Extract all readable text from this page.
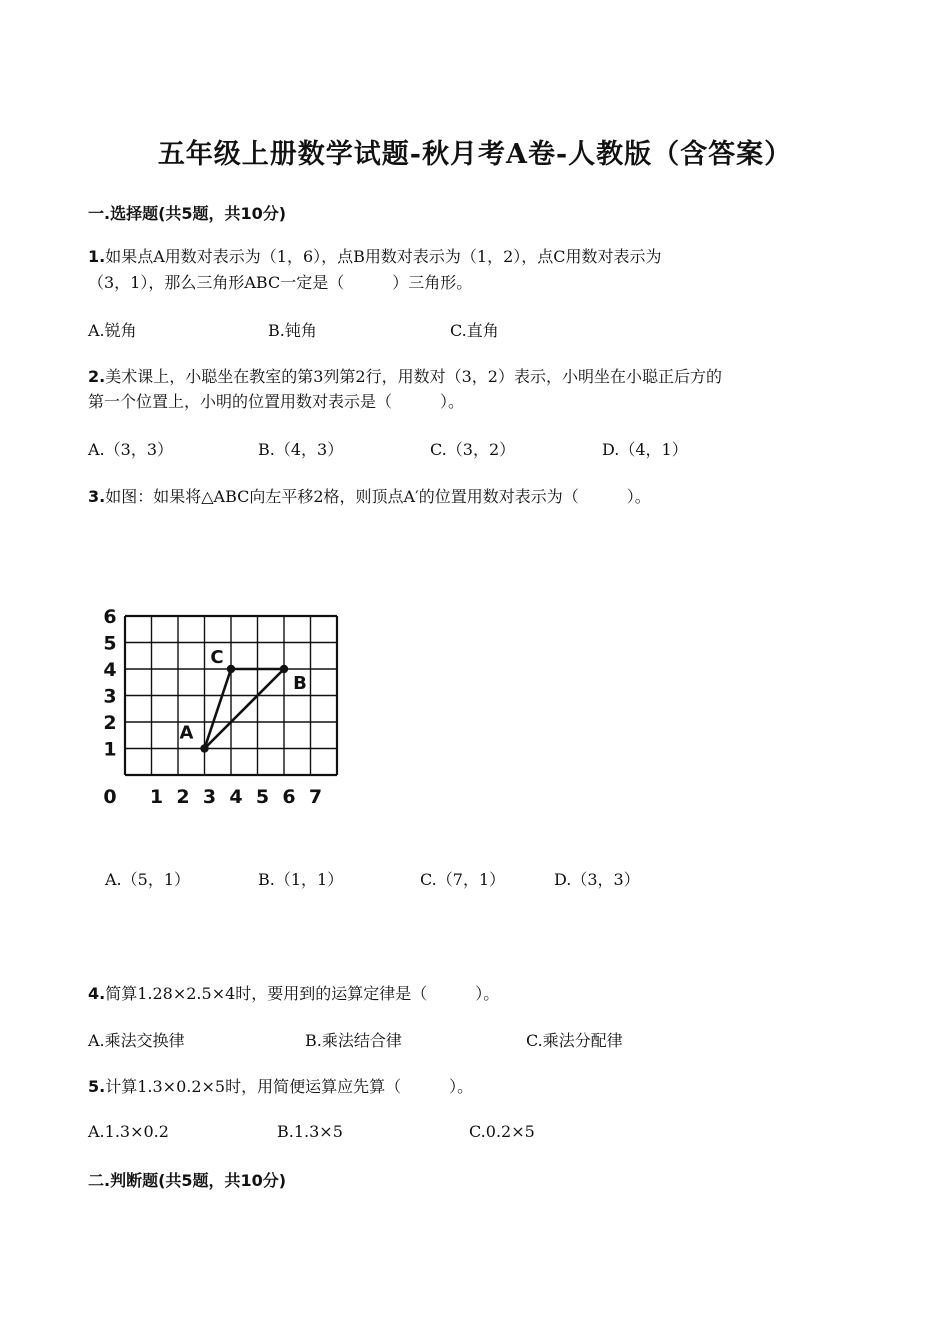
五年级上册数学试题-秋月考A卷-人教版（含答案）
一.选择题(共5题，共10分)
1.如果点A用数对表示为（1，6），点B用数对表示为（1，2），点C用数对表示为
（3，1），那么三角形ABC一定是（　　　）三角形。
A.锐角	B.钝角	C.直角
2.美术课上，小聪坐在教室的第3列第2行，用数对（3，2）表示，小明坐在小聪正后方的
第一个位置上，小明的位置用数对表示是（　　　）。
A.（3，3）	B.（4，3）	C.（3，2）	D.（4，1）
3.如图：如果将△ABC向左平移2格，则顶点A′的位置用数对表示为（　　　）。
0 1 2 3 4 5 6 7
1
2
3
4
5
6
A
B
C
A.（5，1）	B.（1，1）	C.（7，1）	D.（3，3）
4.简算1.28×2.5×4时，要用到的运算定律是（　　　）。
A.乘法交换律	B.乘法结合律	C.乘法分配律
5.计算1.3×0.2×5时，用简便运算应先算（　　　）。
A.1.3×0.2	B.1.3×5	C.0.2×5
二.判断题(共5题，共10分)
